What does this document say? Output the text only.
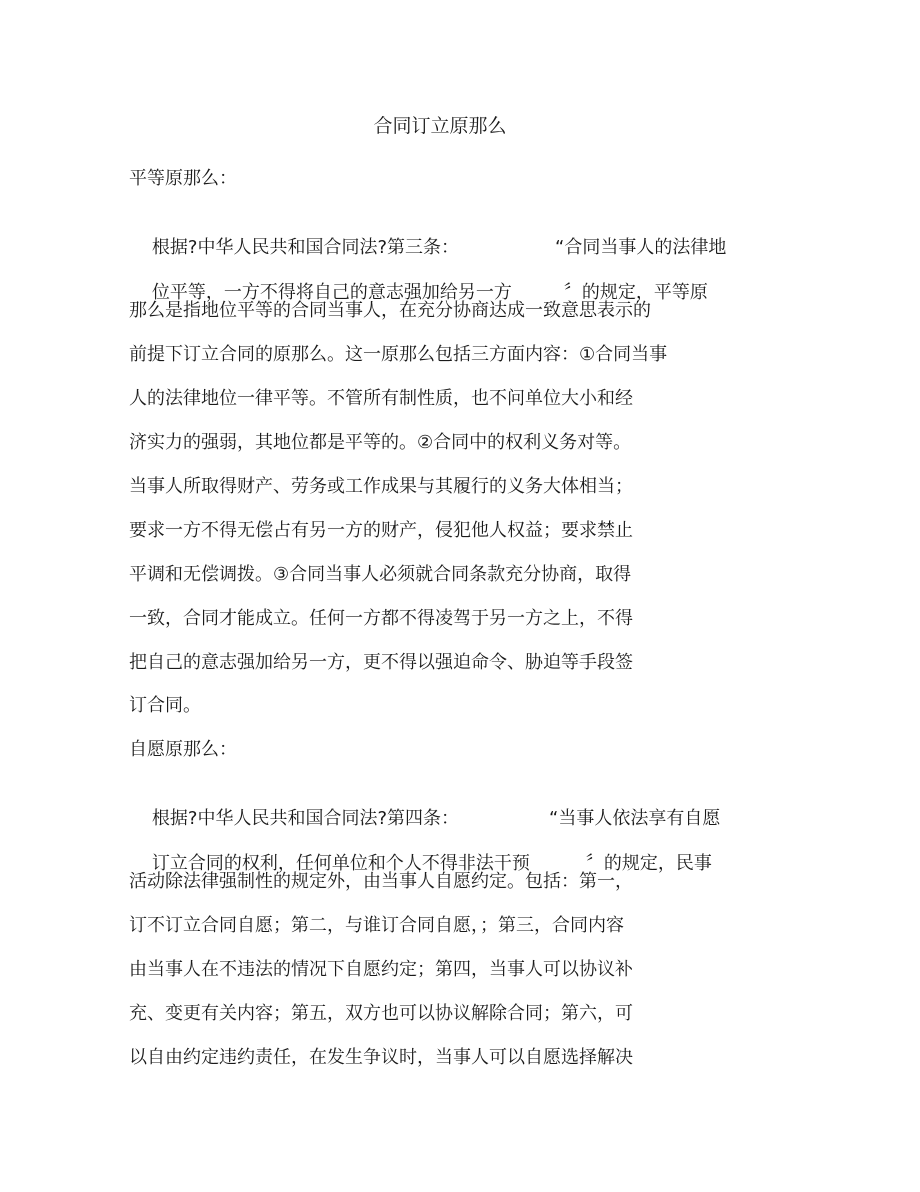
合同订立原那么
平等原那么：

根据?中华人民共和国合同法?第三条：	“合同当事人的法律地

位平等，一方不得将自己的意志强加给另一方	〞的规定，平等原

那么是指地位平等的合同当事人，在充分协商达成一致意思表示的
前提下订立合同的原那么。这一原那么包括三方面内容：①合同当事
人的法律地位一律平等。不管所有制性质，也不问单位大小和经
济实力的强弱，其地位都是平等的。②合同中的权利义务对等。
当事人所取得财产、劳务或工作成果与其履行的义务大体相当；
要求一方不得无偿占有另一方的财产，侵犯他人权益；要求禁止
平调和无偿调拨。③合同当事人必须就合同条款充分协商，取得
一致，合同才能成立。任何一方都不得凌驾于另一方之上，不得
把自己的意志强加给另一方，更不得以强迫命令、胁迫等手段签
订合同。
自愿原那么：

根据?中华人民共和国合同法?第四条：	“当事人依法享有自愿

订立合同的权利，任何单位和个人不得非法干预	〞的规定，民事

活动除法律强制性的规定外，由当事人自愿约定。包括：第一，
订不订立合同自愿；第二，与谁订合同自愿，；第三，合同内容
由当事人在不违法的情况下自愿约定；第四，当事人可以协议补
充、变更有关内容；第五，双方也可以协议解除合同；第六，可
以自由约定违约责任，在发生争议时，当事人可以自愿选择解决
